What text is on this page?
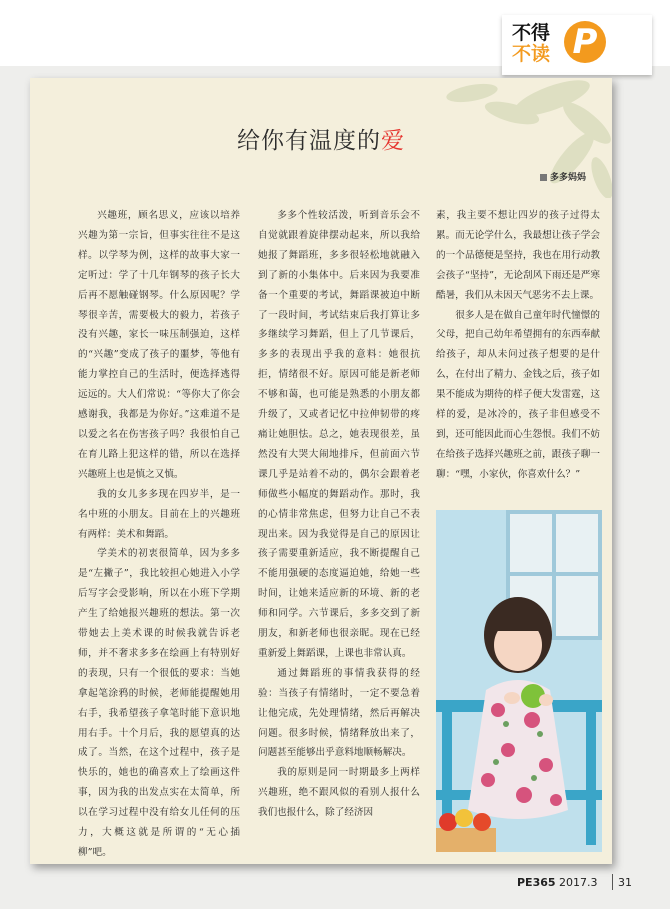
不得
不读 P
给你有温度的爱
多多妈妈

兴趣班，顾名思义，应该以培养兴趣为第一宗旨，但事实往往不是这样。以学琴为例，这样的故事大家一定听过：学了十几年钢琴的孩子长大后再不愿触碰钢琴。什么原因呢？学琴很辛苦，需要极大的毅力，若孩子没有兴趣，家长一味压制强迫，这样的“兴趣”变成了孩子的噩梦，等他有能力掌控自己的生活时，便选择逃得远远的。大人们常说：“等你大了你会感谢我，我都是为你好。”这难道不是以爱之名在伤害孩子吗？我很怕自己在育儿路上犯这样的错，所以在选择兴趣班上也是慎之又慎。

我的女儿多多现在四岁半，是一名中班的小朋友。目前在上的兴趣班有两样：美术和舞蹈。

学美术的初衷很简单，因为多多是“左撇子”，我比较担心她进入小学后写字会受影响，所以在小班下学期产生了给她报兴趣班的想法。第一次带她去上美术课的时候我就告诉老师，并不奢求多多在绘画上有特别好的表现，只有一个很低的要求：当她拿起笔涂鸦的时候，老师能提醒她用右手，我希望孩子拿笔时能下意识地用右手。十个月后，我的愿望真的达成了。当然，在这个过程中，孩子是快乐的，她也的确喜欢上了绘画这件事，因为我的出发点实在太简单，所以在学习过程中没有给女儿任何的压力，大概这就是所谓的“无心插柳”吧。

多多个性较活泼，听到音乐会不自觉就跟着旋律摆动起来，所以我给她报了舞蹈班，多多很轻松地就融入到了新的小集体中。后来因为我要准备一个重要的考试，舞蹈课被迫中断了一段时间，考试结束后我打算让多多继续学习舞蹈，但上了几节课后，多多的表现出乎我的意料：她很抗拒，情绪很不好。原因可能是新老师不够和蔼，也可能是熟悉的小朋友都升级了，又或者记忆中拉伸韧带的疼痛让她胆怯。总之，她表现很差，虽然没有大哭大闹地排斥，但前面六节课几乎是站着不动的，偶尔会跟着老师做些小幅度的舞蹈动作。那时，我的心情非常焦虑，但努力让自己不表现出来。因为我觉得是自己的原因让孩子需要重新适应，我不断提醒自己不能用强硬的态度逼迫她，给她一些时间，让她来适应新的环境、新的老师和同学。六节课后，多多交到了新朋友，和新老师也很亲昵。现在已经重新爱上舞蹈课，上课也非常认真。

通过舞蹈班的事情我获得的经验：当孩子有情绪时，一定不要急着让他完成，先处理情绪，然后再解决问题。很多时候，情绪释放出来了，问题甚至能够出乎意料地顺畅解决。

我的原则是同一时期最多上两样兴趣班，绝不跟风似的看别人报什么我们也报什么，除了经济因

素，我主要不想让四岁的孩子过得太累。而无论学什么，我最想让孩子学会的一个品德便是坚持，我也在用行动教会孩子“坚持”，无论刮风下雨还是严寒酷暑，我们从未因天气恶劣不去上课。

很多人是在做自己童年时代憧憬的父母，把自己幼年希望拥有的东西奉献给孩子，却从未问过孩子想要的是什么，在付出了精力、金钱之后，孩子如果不能成为期待的样子便大发雷霆，这样的爱，是冰冷的，孩子非但感受不到，还可能因此而心生怨恨。我们不妨在给孩子选择兴趣班之前，跟孩子聊一聊：“嘿，小家伙，你喜欢什么？”

PE365 2017.3 31
